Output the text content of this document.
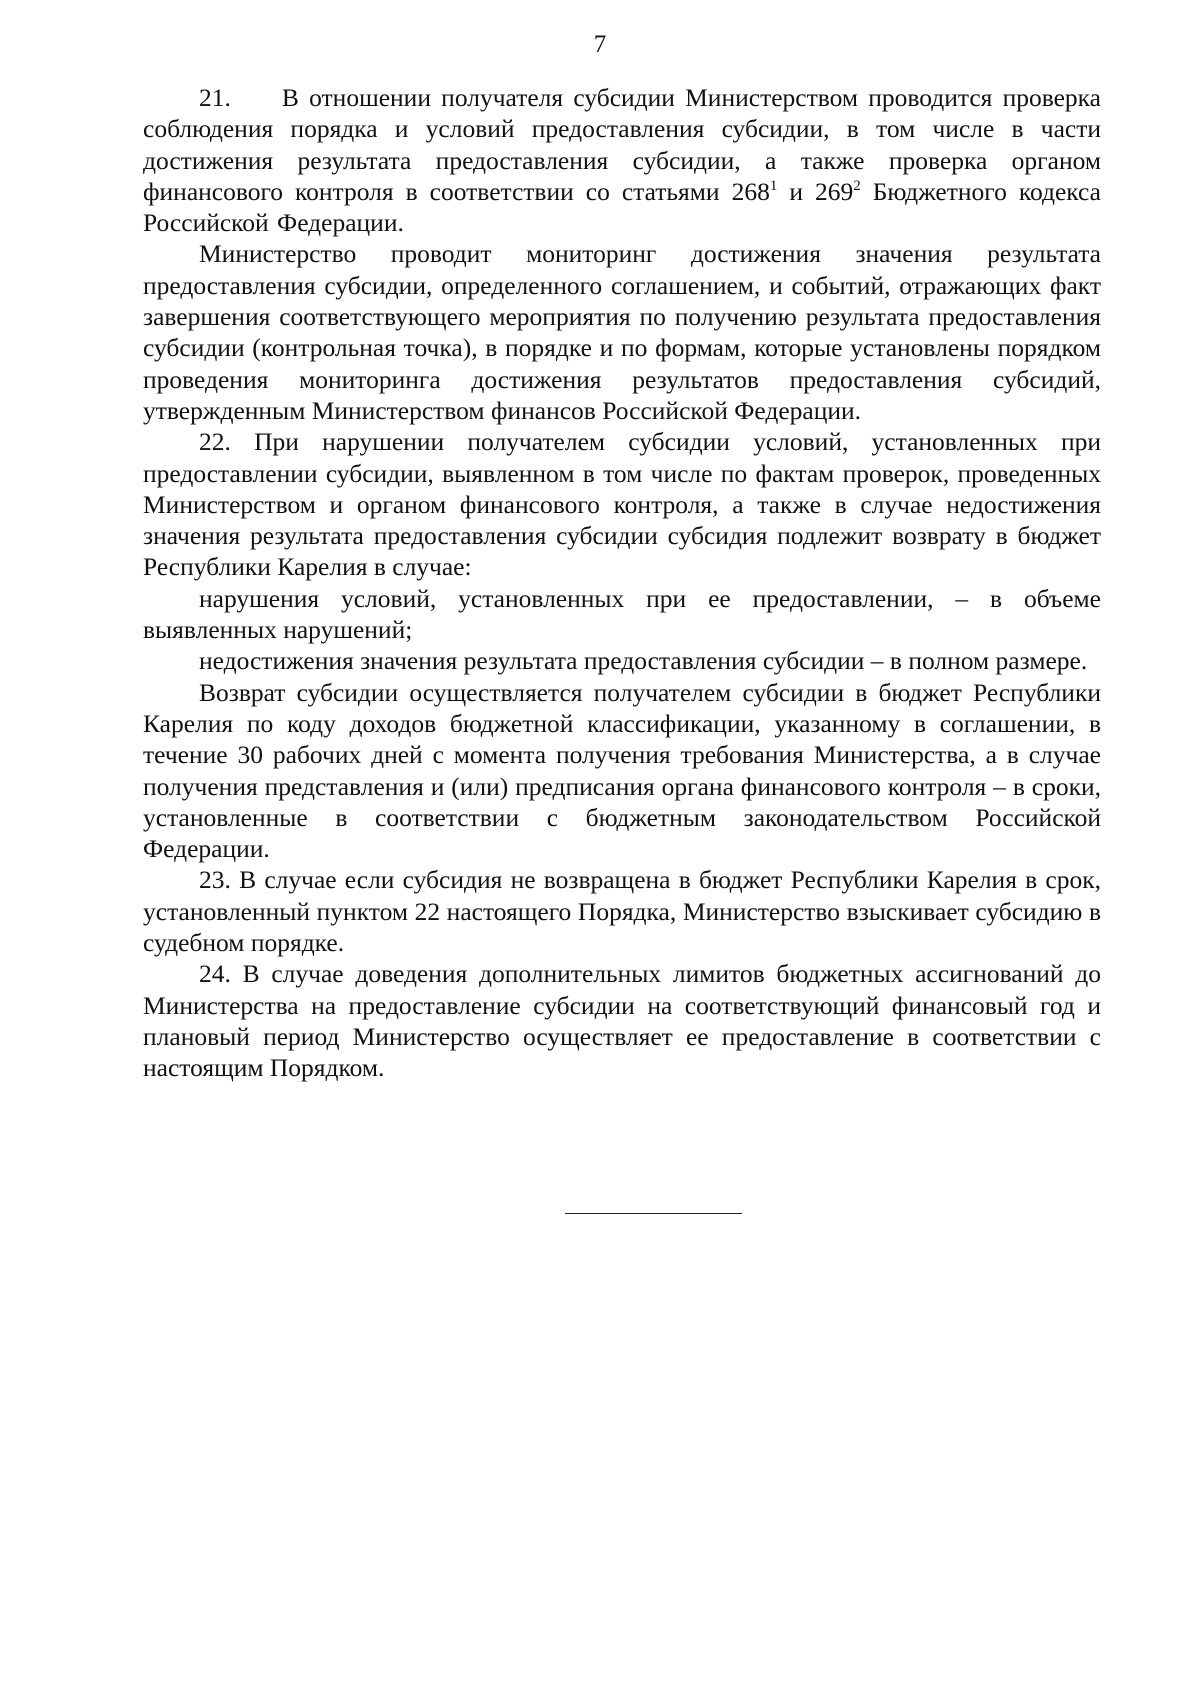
7

21.     В отношении получателя субсидии Министерством проводится проверка соблюдения порядка и условий предоставления субсидии, в том числе в части достижения результата предоставления субсидии, а также проверка органом финансового контроля в соответствии со статьями $268^1$ и $269^2$ Бюджетного кодекса Российской Федерации.

Министерство проводит мониторинг достижения значения результата предоставления субсидии, определенного соглашением, и событий, отражающих факт завершения соответствующего мероприятия по получению результата предоставления субсидии (контрольная точка), в порядке и по формам, которые установлены порядком проведения мониторинга достижения результатов предоставления субсидий, утвержденным Министерством финансов Российской Федерации.

22. При нарушении получателем субсидии условий, установленных при предоставлении субсидии, выявленном в том числе по фактам проверок, проведенных Министерством и органом финансового контроля, а также в случае недостижения значения результата предоставления субсидии субсидия подлежит возврату в бюджет Республики Карелия в случае:

нарушения условий, установленных при ее предоставлении, – в объеме выявленных нарушений;

недостижения значения результата предоставления субсидии – в полном размере.

Возврат субсидии осуществляется получателем субсидии в бюджет Республики Карелия по коду доходов бюджетной классификации, указанному в соглашении, в течение 30 рабочих дней с момента получения требования Министерства, а в случае получения представления и (или) предписания органа финансового контроля – в сроки, установленные в соответствии с бюджетным законодательством Российской Федерации.

23. В случае если субсидия не возвращена в бюджет Республики Карелия в срок, установленный пунктом 22 настоящего Порядка, Министерство взыскивает субсидию в судебном порядке.

24. В случае доведения дополнительных лимитов бюджетных ассигнований до Министерства на предоставление субсидии на соответствующий финансовый год и плановый период Министерство осуществляет ее предоставление в соответствии с настоящим Порядком.
